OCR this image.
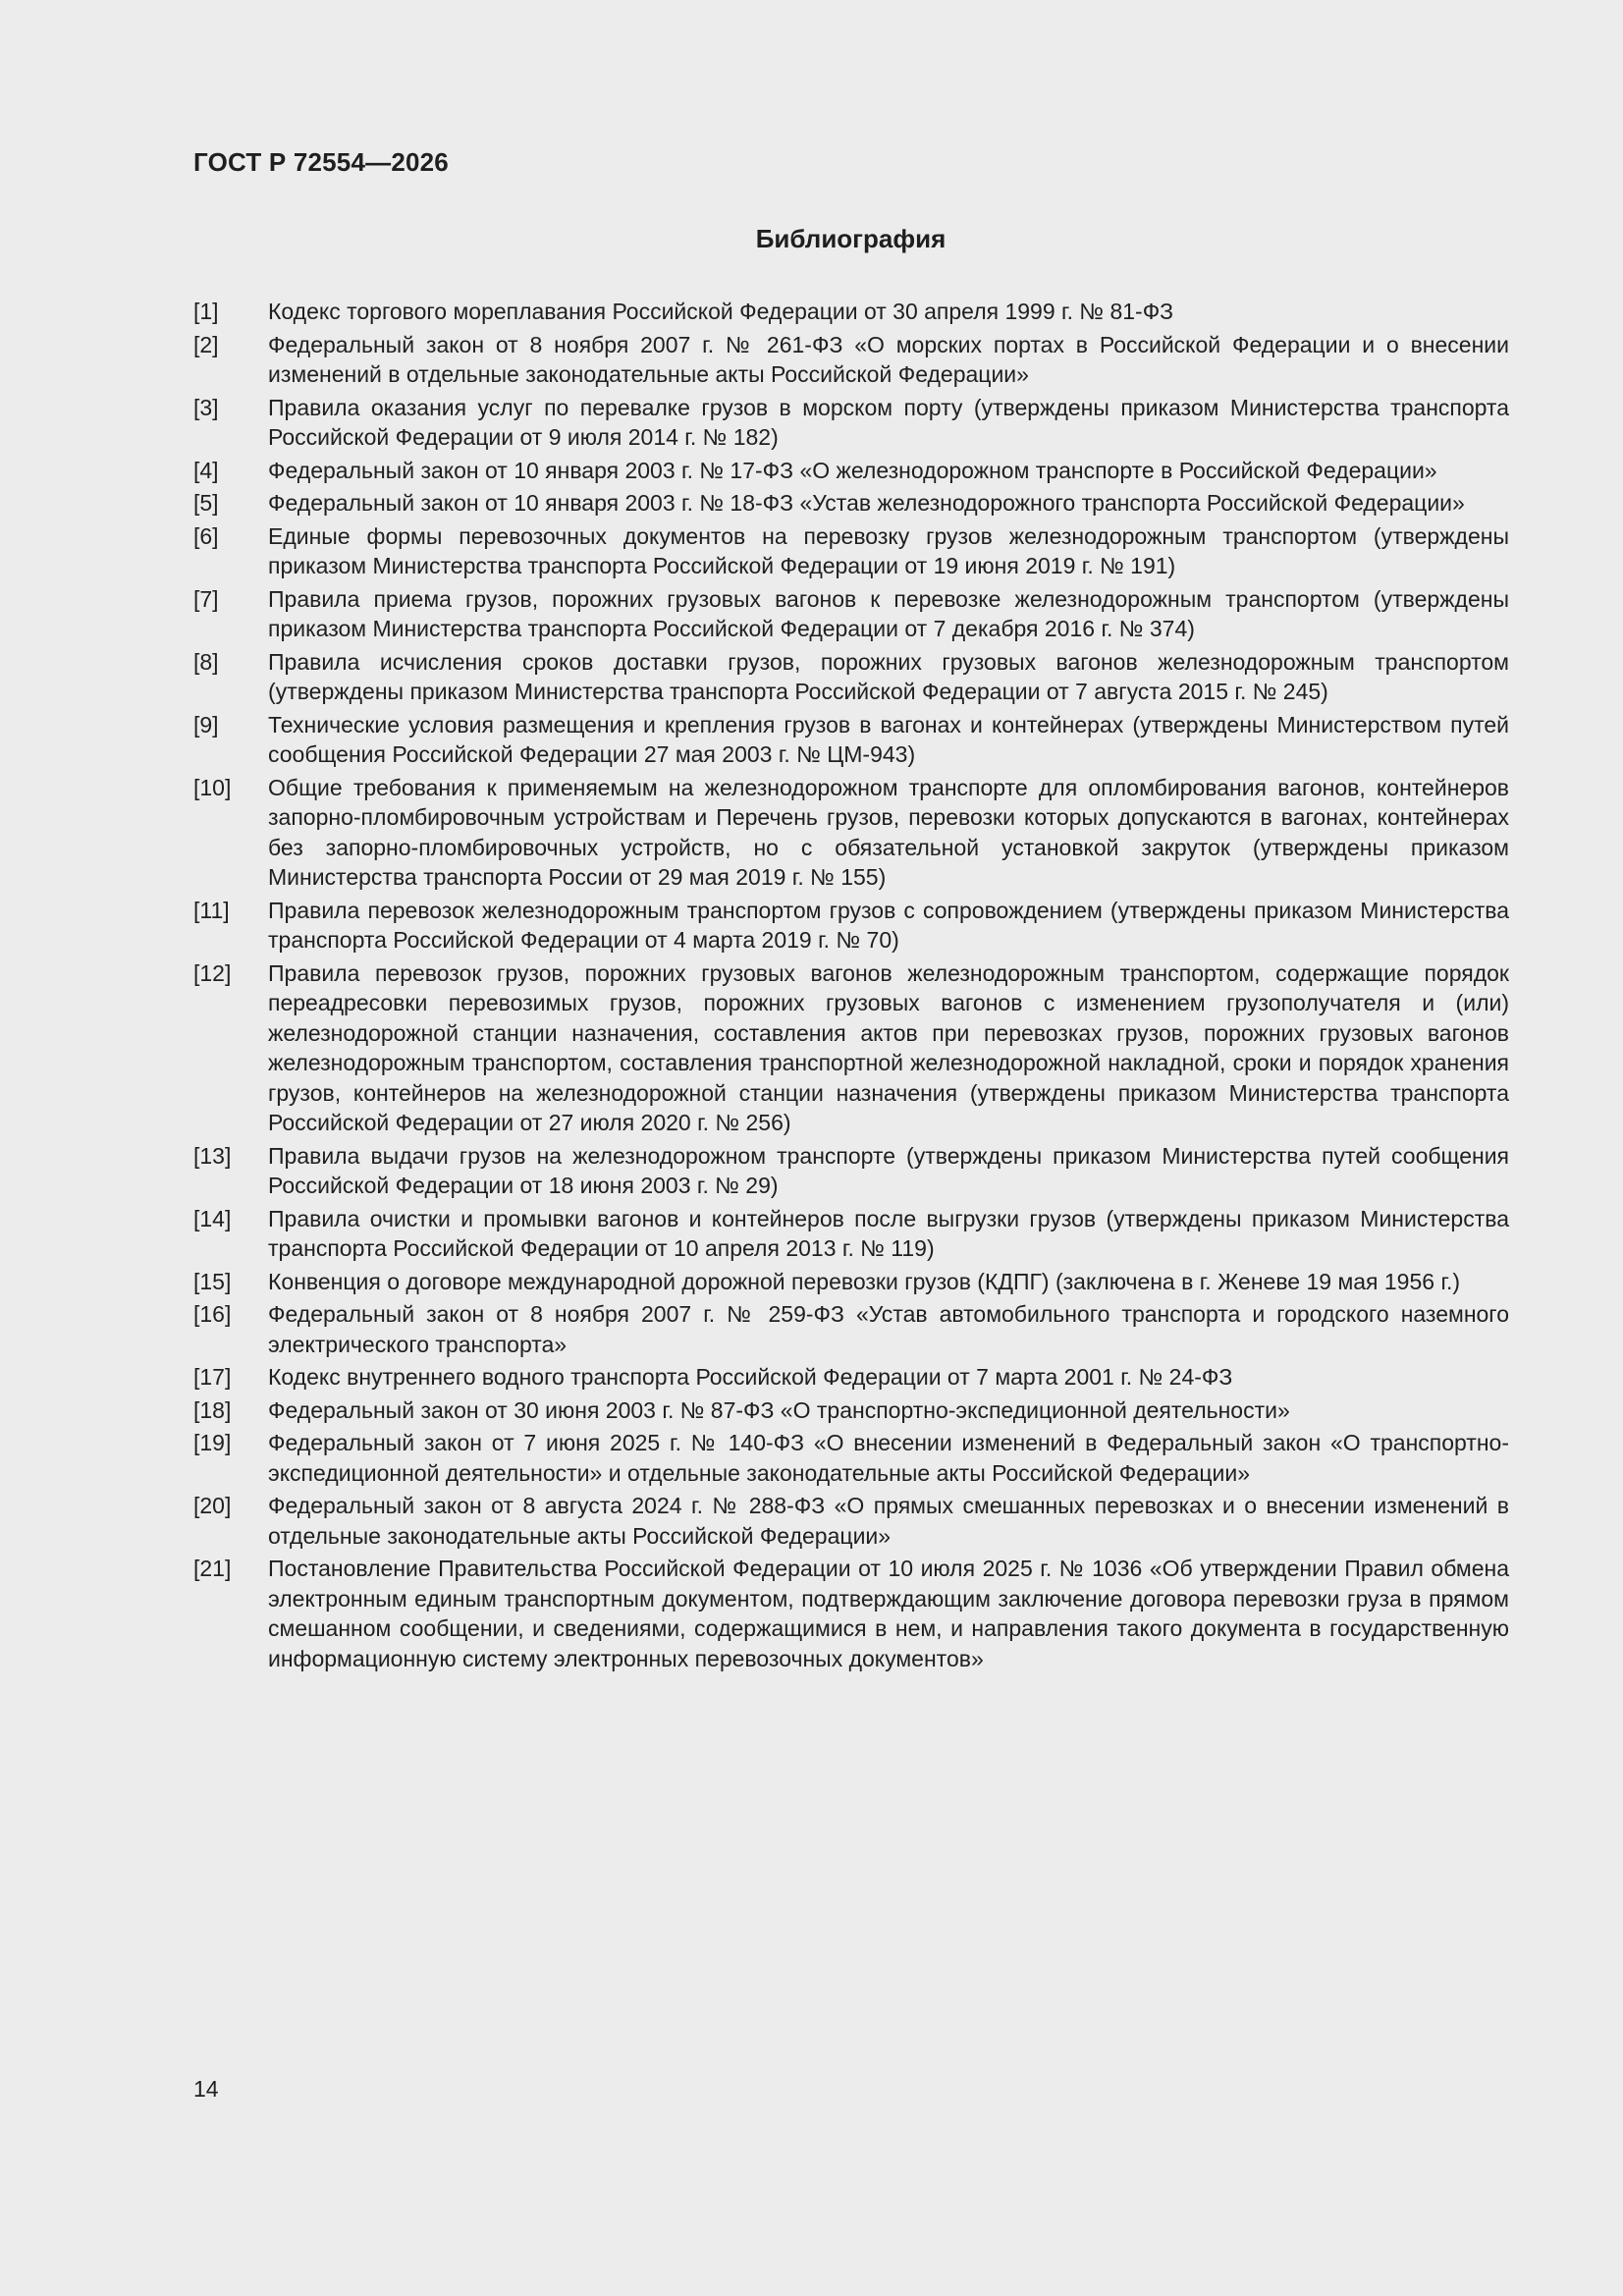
ГОСТ Р 72554—2026
Библиография
[1]	Кодекс торгового мореплавания Российской Федерации от 30 апреля 1999 г. № 81-ФЗ
[2]	Федеральный закон от 8 ноября 2007 г. № 261-ФЗ «О морских портах в Российской Федерации и о внесении изменений в отдельные законодательные акты Российской Федерации»
[3]	Правила оказания услуг по перевалке грузов в морском порту (утверждены приказом Министерства транспорта Российской Федерации от 9 июля 2014 г. № 182)
[4]	Федеральный закон от 10 января 2003 г. № 17-ФЗ «О железнодорожном транспорте в Российской Федерации»
[5]	Федеральный закон от 10 января 2003 г. № 18-ФЗ «Устав железнодорожного транспорта Российской Федерации»
[6]	Единые формы перевозочных документов на перевозку грузов железнодорожным транспортом (утверждены приказом Министерства транспорта Российской Федерации от 19 июня 2019 г. № 191)
[7]	Правила приема грузов, порожних грузовых вагонов к перевозке железнодорожным транспортом (утверждены приказом Министерства транспорта Российской Федерации от 7 декабря 2016 г. № 374)
[8]	Правила исчисления сроков доставки грузов, порожних грузовых вагонов железнодорожным транспортом (утверждены приказом Министерства транспорта Российской Федерации от 7 августа 2015 г. № 245)
[9]	Технические условия размещения и крепления грузов в вагонах и контейнерах (утверждены Министерством путей сообщения Российской Федерации 27 мая 2003 г. № ЦМ-943)
[10]	Общие требования к применяемым на железнодорожном транспорте для опломбирования вагонов, контейнеров запорно-пломбировочным устройствам и Перечень грузов, перевозки которых допускаются в вагонах, контейнерах без запорно-пломбировочных устройств, но с обязательной установкой закруток (утверждены приказом Министерства транспорта России от 29 мая 2019 г. № 155)
[11]	Правила перевозок железнодорожным транспортом грузов с сопровождением (утверждены приказом Министерства транспорта Российской Федерации от 4 марта 2019 г. № 70)
[12]	Правила перевозок грузов, порожних грузовых вагонов железнодорожным транспортом, содержащие порядок переадресовки перевозимых грузов, порожних грузовых вагонов с изменением грузополучателя и (или) железнодорожной станции назначения, составления актов при перевозках грузов, порожних грузовых вагонов железнодорожным транспортом, составления транспортной железнодорожной накладной, сроки и порядок хранения грузов, контейнеров на железнодорожной станции назначения (утверждены приказом Министерства транспорта Российской Федерации от 27 июля 2020 г. № 256)
[13]	Правила выдачи грузов на железнодорожном транспорте (утверждены приказом Министерства путей сообщения Российской Федерации от 18 июня 2003 г. № 29)
[14]	Правила очистки и промывки вагонов и контейнеров после выгрузки грузов (утверждены приказом Министерства транспорта Российской Федерации от 10 апреля 2013 г. № 119)
[15]	Конвенция о договоре международной дорожной перевозки грузов (КДПГ) (заключена в г. Женеве 19 мая 1956 г.)
[16]	Федеральный закон от 8 ноября 2007 г. № 259-ФЗ «Устав автомобильного транспорта и городского наземного электрического транспорта»
[17]	Кодекс внутреннего водного транспорта Российской Федерации от 7 марта 2001 г. № 24-ФЗ
[18]	Федеральный закон от 30 июня 2003 г. № 87-ФЗ «О транспортно-экспедиционной деятельности»
[19]	Федеральный закон от 7 июня 2025 г. № 140-ФЗ «О внесении изменений в Федеральный закон «О транспортно-экспедиционной деятельности» и отдельные законодательные акты Российской Федерации»
[20]	Федеральный закон от 8 августа 2024 г. № 288-ФЗ «О прямых смешанных перевозках и о внесении изменений в отдельные законодательные акты Российской Федерации»
[21]	Постановление Правительства Российской Федерации от 10 июля 2025 г. № 1036 «Об утверждении Правил обмена электронным единым транспортным документом, подтверждающим заключение договора перевозки груза в прямом смешанном сообщении, и сведениями, содержащимися в нем, и направления такого документа в государственную информационную систему электронных перевозочных документов»
14
